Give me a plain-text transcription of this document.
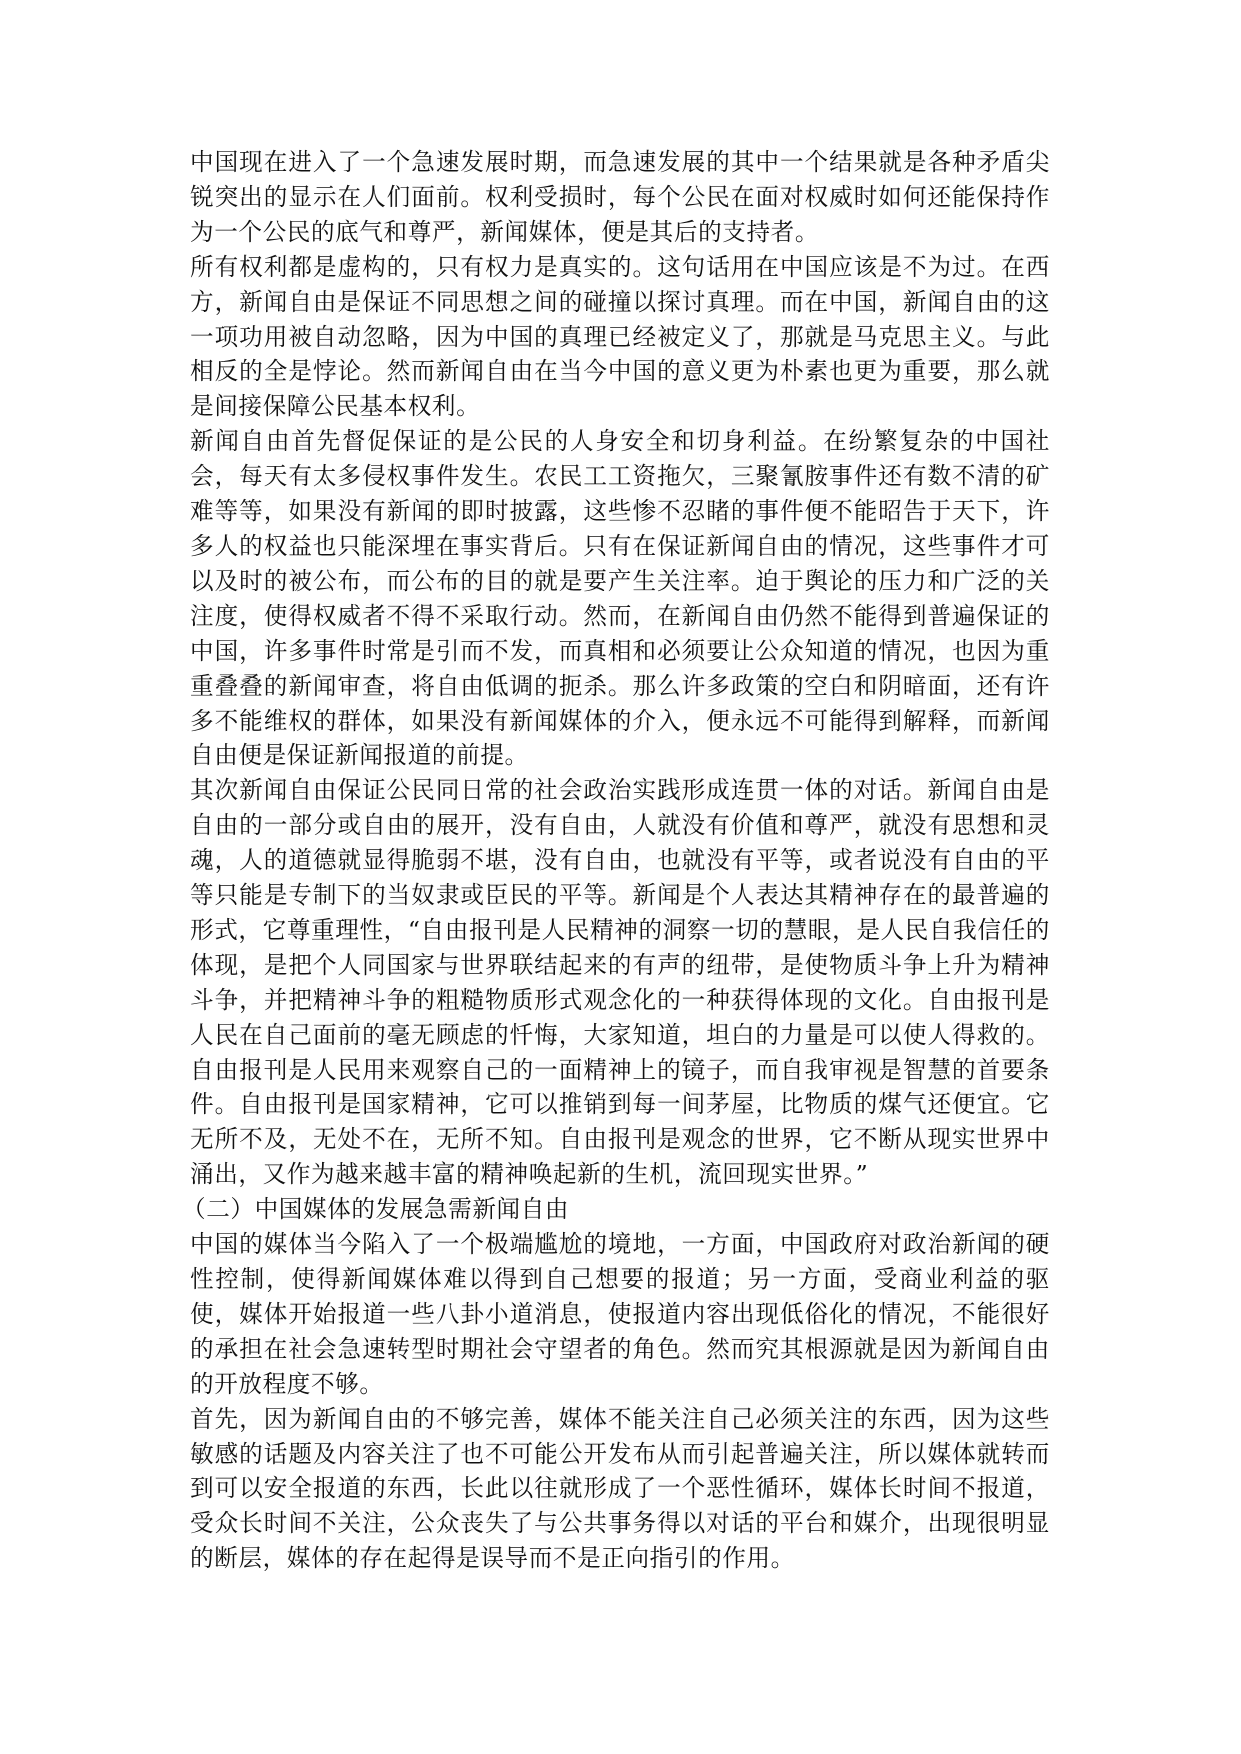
中国现在进入了一个急速发展时期，而急速发展的其中一个结果就是各种矛盾尖锐突出的显示在人们面前。权利受损时，每个公民在面对权威时如何还能保持作为一个公民的底气和尊严，新闻媒体，便是其后的支持者。

所有权利都是虚构的，只有权力是真实的。这句话用在中国应该是不为过。在西方，新闻自由是保证不同思想之间的碰撞以探讨真理。而在中国，新闻自由的这一项功用被自动忽略，因为中国的真理已经被定义了，那就是马克思主义。与此相反的全是悖论。然而新闻自由在当今中国的意义更为朴素也更为重要，那么就是间接保障公民基本权利。

新闻自由首先督促保证的是公民的人身安全和切身利益。在纷繁复杂的中国社会，每天有太多侵权事件发生。农民工工资拖欠，三聚氰胺事件还有数不清的矿难等等，如果没有新闻的即时披露，这些惨不忍睹的事件便不能昭告于天下，许多人的权益也只能深埋在事实背后。只有在保证新闻自由的情况，这些事件才可以及时的被公布，而公布的目的就是要产生关注率。迫于舆论的压力和广泛的关注度，使得权威者不得不采取行动。然而，在新闻自由仍然不能得到普遍保证的中国，许多事件时常是引而不发，而真相和必须要让公众知道的情况，也因为重重叠叠的新闻审查，将自由低调的扼杀。那么许多政策的空白和阴暗面，还有许多不能维权的群体，如果没有新闻媒体的介入，便永远不可能得到解释，而新闻自由便是保证新闻报道的前提。

其次新闻自由保证公民同日常的社会政治实践形成连贯一体的对话。新闻自由是自由的一部分或自由的展开，没有自由，人就没有价值和尊严，就没有思想和灵魂，人的道德就显得脆弱不堪，没有自由，也就没有平等，或者说没有自由的平等只能是专制下的当奴隶或臣民的平等。新闻是个人表达其精神存在的最普遍的形式，它尊重理性，“自由报刊是人民精神的洞察一切的慧眼，是人民自我信任的体现，是把个人同国家与世界联结起来的有声的纽带，是使物质斗争上升为精神斗争，并把精神斗争的粗糙物质形式观念化的一种获得体现的文化。自由报刊是人民在自己面前的毫无顾虑的忏悔，大家知道，坦白的力量是可以使人得救的。自由报刊是人民用来观察自己的一面精神上的镜子，而自我审视是智慧的首要条件。自由报刊是国家精神，它可以推销到每一间茅屋，比物质的煤气还便宜。它无所不及，无处不在，无所不知。自由报刊是观念的世界，它不断从现实世界中涌出，又作为越来越丰富的精神唤起新的生机，流回现实世界。”

（二）中国媒体的发展急需新闻自由

中国的媒体当今陷入了一个极端尴尬的境地，一方面，中国政府对政治新闻的硬性控制，使得新闻媒体难以得到自己想要的报道；另一方面，受商业利益的驱使，媒体开始报道一些八卦小道消息，使报道内容出现低俗化的情况，不能很好的承担在社会急速转型时期社会守望者的角色。然而究其根源就是因为新闻自由的开放程度不够。

首先，因为新闻自由的不够完善，媒体不能关注自己必须关注的东西，因为这些敏感的话题及内容关注了也不可能公开发布从而引起普遍关注，所以媒体就转而到可以安全报道的东西，长此以往就形成了一个恶性循环，媒体长时间不报道，受众长时间不关注，公众丧失了与公共事务得以对话的平台和媒介，出现很明显的断层，媒体的存在起得是误导而不是正向指引的作用。
